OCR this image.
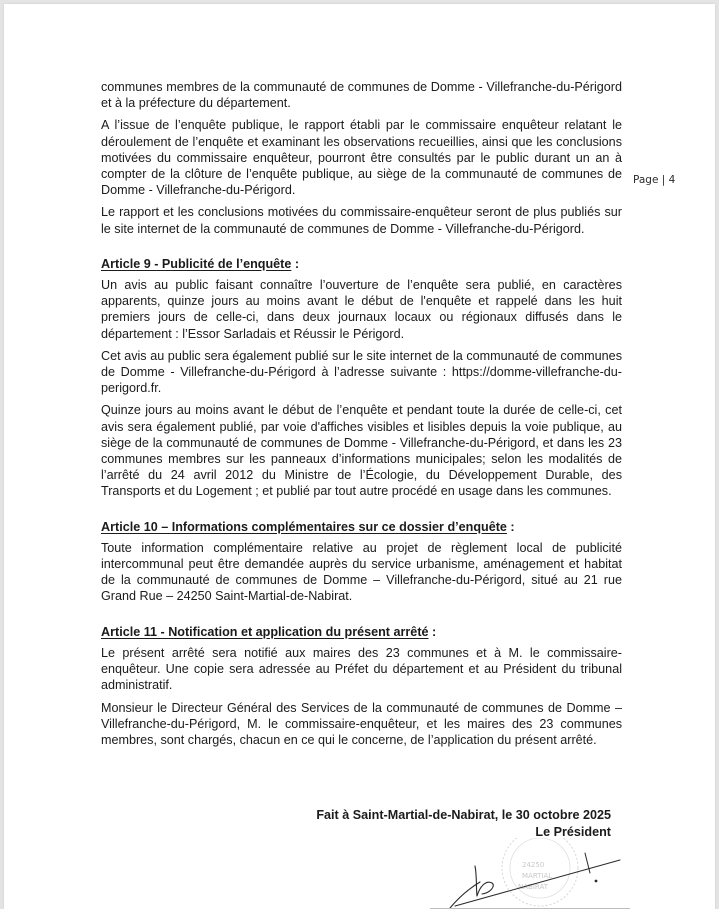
Page | 4

communes membres de la communauté de communes de Domme - Villefranche-du-Périgord et à la préfecture du département.

A l’issue de l’enquête publique, le rapport établi par le commissaire enquêteur relatant le déroulement de l’enquête et examinant les observations recueillies, ainsi que les conclusions motivées du commissaire enquêteur, pourront être consultés par le public durant un an à compter de la clôture de l’enquête publique, au siège de la communauté de communes de Domme - Villefranche-du-Périgord.

Le rapport et les conclusions motivées du commissaire-enquêteur seront de plus publiés sur le site internet de la communauté de communes de Domme - Villefranche-du-Périgord.

Article 9 - Publicité de l’enquête :

Un avis au public faisant connaître l’ouverture de l’enquête sera publié, en caractères apparents, quinze jours au moins avant le début de l'enquête et rappelé dans les huit premiers jours de celle-ci, dans deux journaux locaux ou régionaux diffusés dans le département : l’Essor Sarladais et Réussir le Périgord.

Cet avis au public sera également publié sur le site internet de la communauté de communes de Domme - Villefranche-du-Périgord à l’adresse suivante : https://domme-villefranche-du-perigord.fr.

Quinze jours au moins avant le début de l’enquête et pendant toute la durée de celle-ci, cet avis sera également publié, par voie d'affiches visibles et lisibles depuis la voie publique, au siège de la communauté de communes de Domme - Villefranche-du-Périgord, et dans les 23 communes membres sur les panneaux d’informations municipales; selon les modalités de l’arrêté du 24 avril 2012 du Ministre de l’Écologie, du Développement Durable, des Transports et du Logement ; et publié par tout autre procédé en usage dans les communes.

Article 10 – Informations complémentaires sur ce dossier d’enquête :

Toute information complémentaire relative au projet de règlement local de publicité intercommunal peut être demandée auprès du service urbanisme, aménagement et habitat de la communauté de communes de Domme – Villefranche-du-Périgord, situé au 21 rue Grand Rue – 24250 Saint-Martial-de-Nabirat.

Article 11 - Notification et application du présent arrêté :

Le présent arrêté sera notifié aux maires des 23 communes et à M. le commissaire-enquêteur. Une copie sera adressée au Préfet du département et au Président du tribunal administratif.

Monsieur le Directeur Général des Services de la communauté de communes de Domme – Villefranche-du-Périgord, M. le commissaire-enquêteur, et les maires des 23 communes membres, sont chargés, chacun en ce qui le concerne, de l’application du présent arrêté.

Fait à Saint-Martial-de-Nabirat, le 30 octobre 2025
Le Président
24250
MARTIAL
NABIRAT
